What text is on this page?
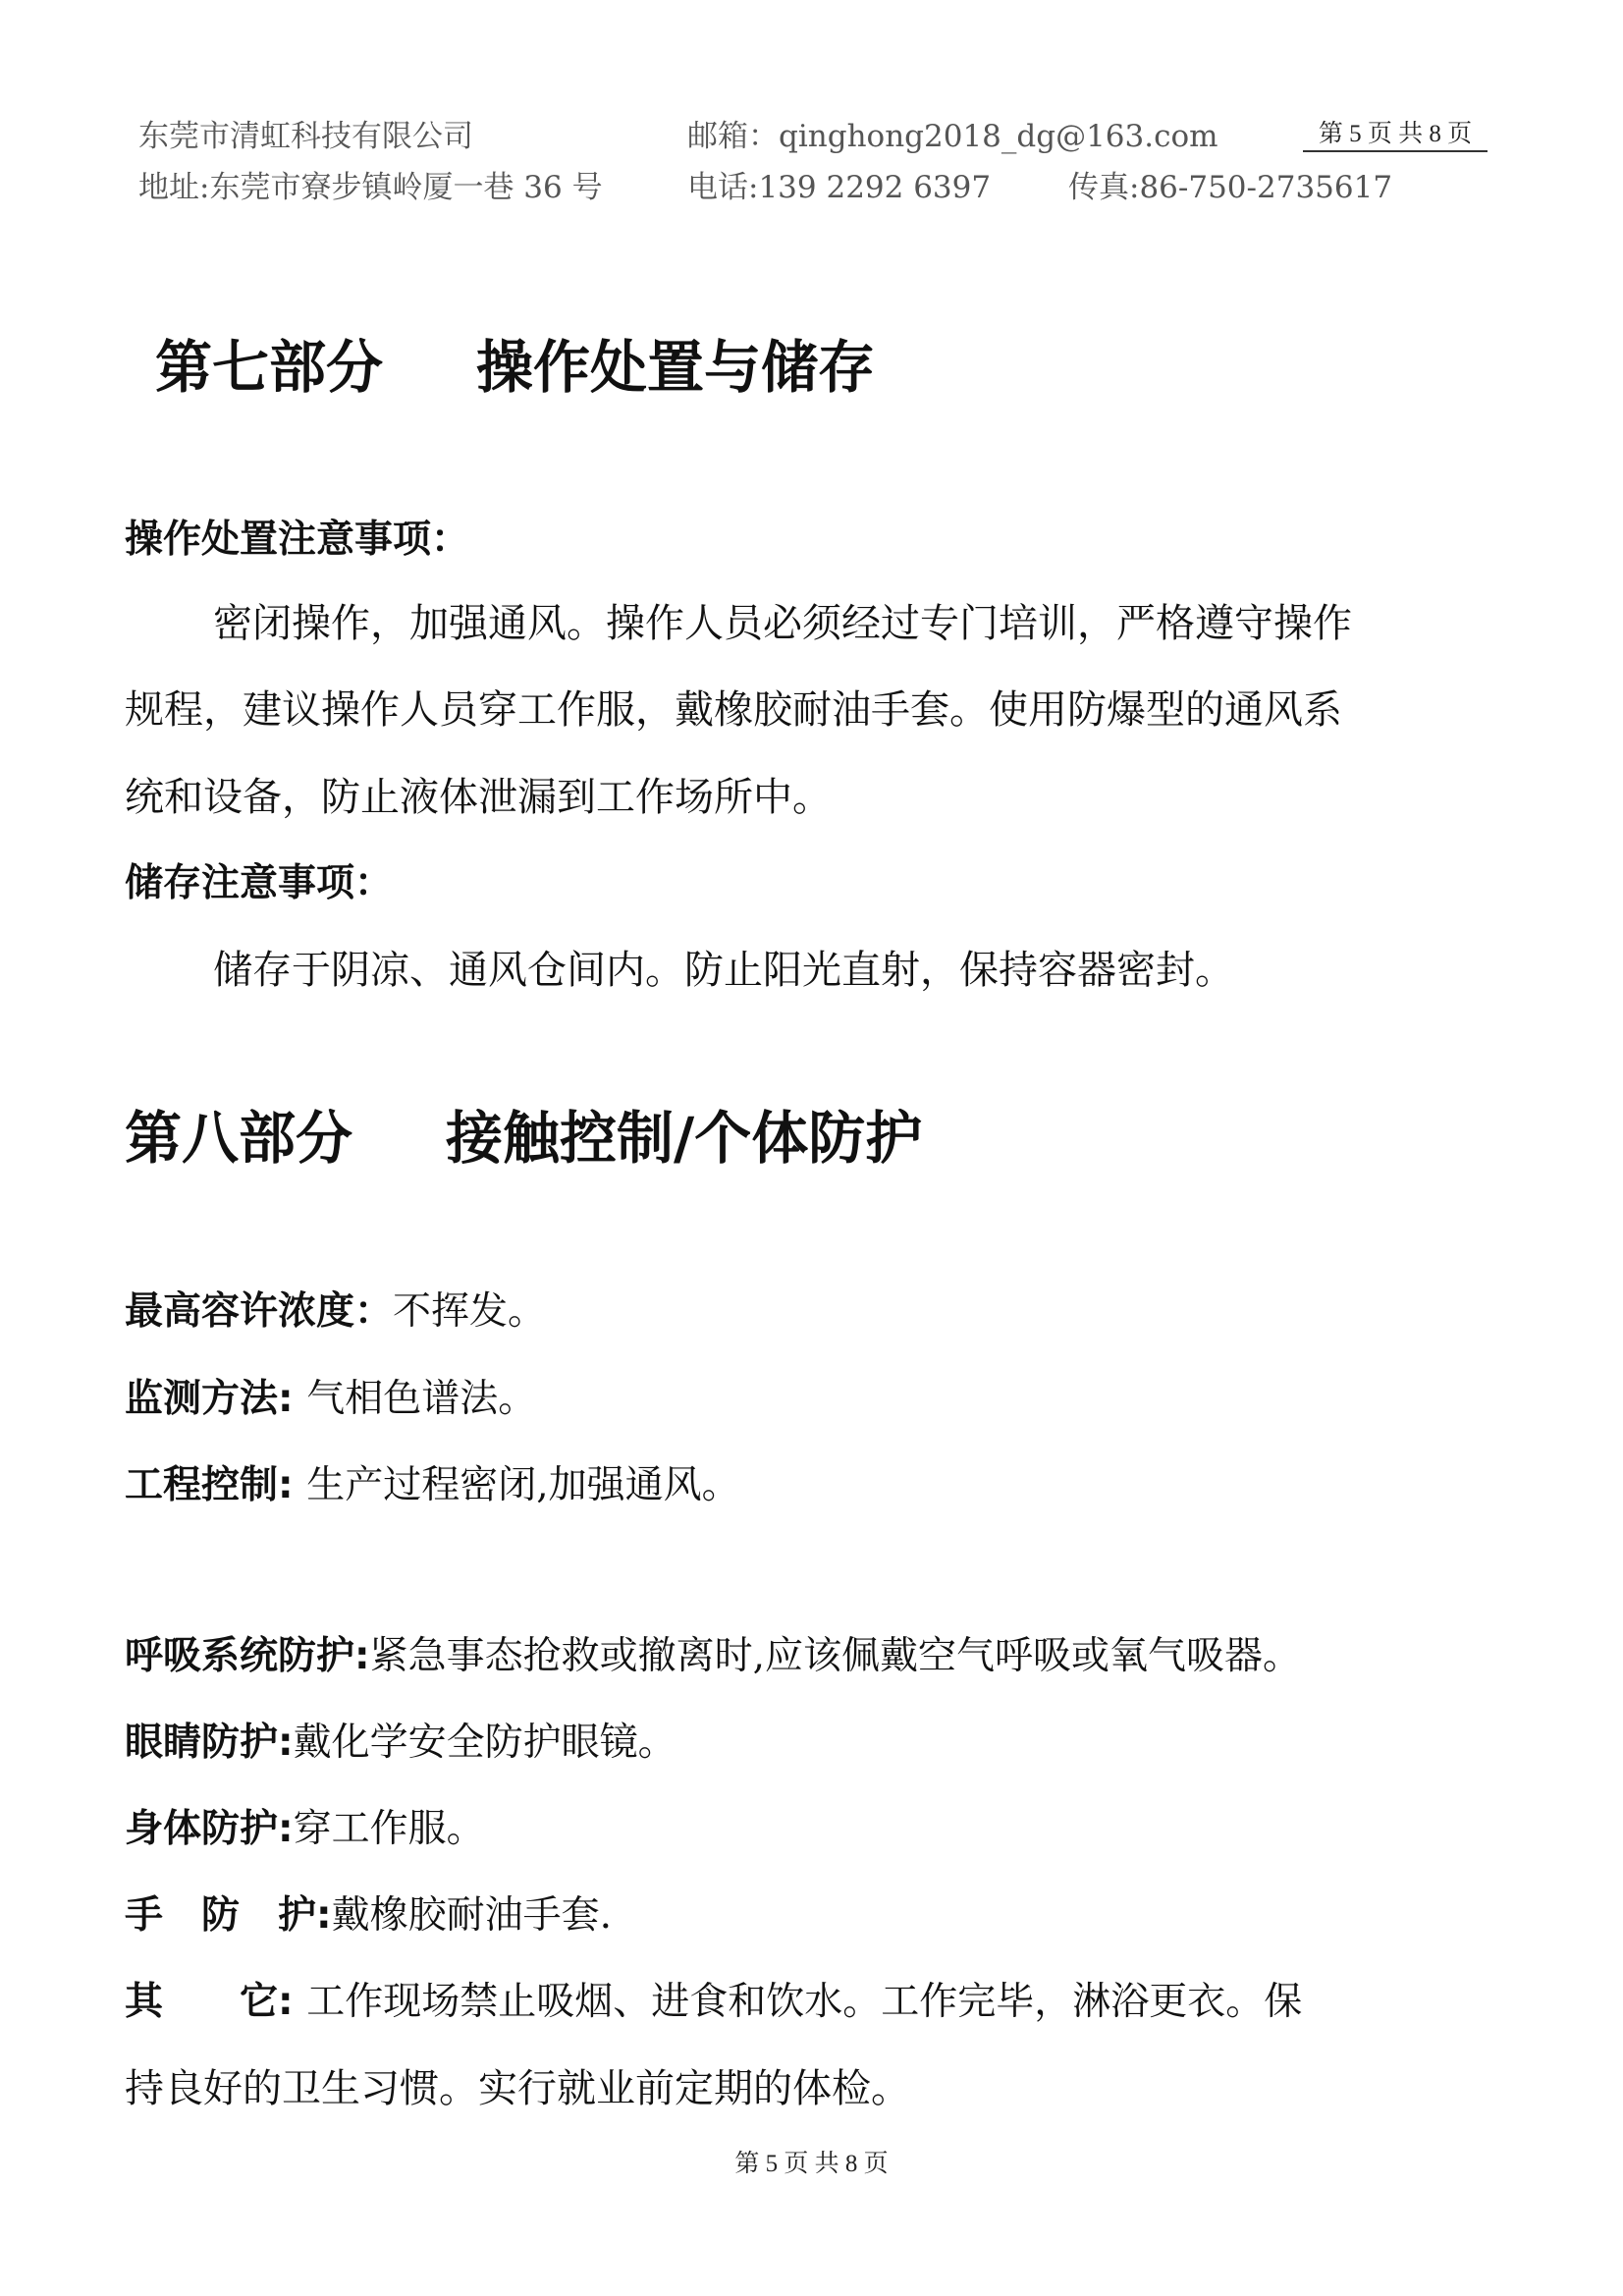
东莞市清虹科技有限公司	邮箱：qinghong2018_dg@163.com	第 5 页 共 8 页
地址:东莞市寮步镇岭厦一巷 36 号	电话:139 2292 6397	传真:86-750-2735617
第七部分 操作处置与储存
操作处置注意事项：
密闭操作，加强通风。操作人员必须经过专门培训，严格遵守操作
规程，建议操作人员穿工作服，戴橡胶耐油手套。使用防爆型的通风系
统和设备，防止液体泄漏到工作场所中。
储存注意事项：
储存于阴凉、通风仓间内。防止阳光直射，保持容器密封。
第八部分 接触控制/个体防护
最高容许浓度：不挥发。
监测方法: 气相色谱法。
工程控制: 生产过程密闭,加强通风。
呼吸系统防护:紧急事态抢救或撤离时,应该佩戴空气呼吸或氧气吸器。
眼睛防护:戴化学安全防护眼镜。
身体防护:穿工作服。
手　防　护:戴橡胶耐油手套.
其　　它: 工作现场禁止吸烟、进食和饮水。工作完毕，淋浴更衣。保
持良好的卫生习惯。实行就业前定期的体检。
第 5 页 共 8 页
